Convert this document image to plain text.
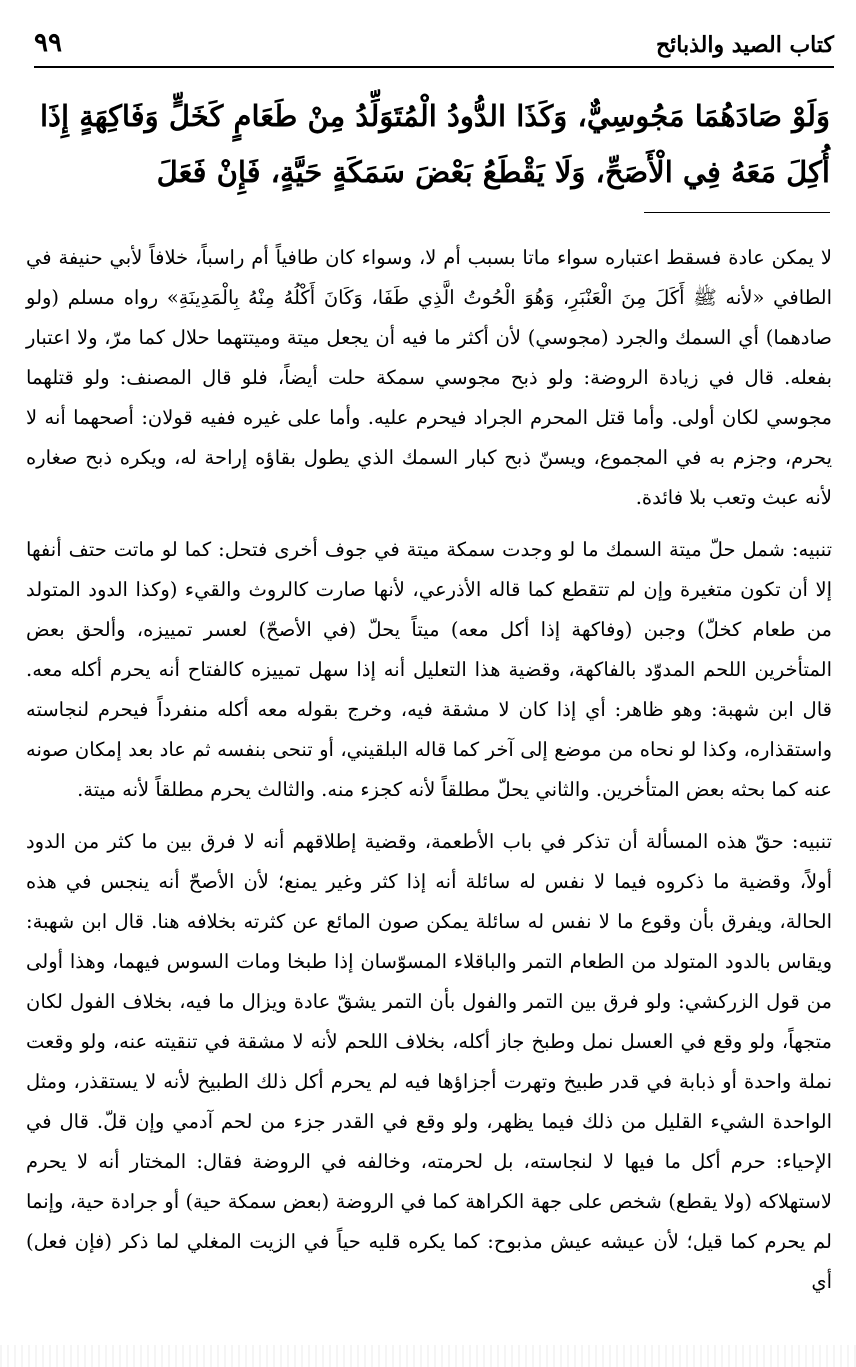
٩٩	كتاب الصيد والذبائح
وَلَوْ صَادَهُمَا مَجُوسِيٌّ، وَكَذَا الدُّودُ الْمُتَوَلِّدُ مِنْ طَعَامٍ كَخَلٍّ وَفَاكِهَةٍ إِذَا أُكِلَ مَعَهُ فِي الْأَصَحِّ، وَلَا يَقْطَعُ بَعْضَ سَمَكَةٍ حَيَّةٍ، فَإِنْ فَعَلَ

لا يمكن عادة فسقط اعتباره سواء ماتا بسبب أم لا، وسواء كان طافياً أم راسباً، خلافاً لأبي حنيفة في الطافي «لأنه ﷺ أَكَلَ مِنَ الْعَنْبَرِ، وَهُوَ الْحُوتُ الَّذِي طَفَا، وَكَانَ أَكْلُهُ مِنْهُ بِالْمَدِينَةِ» رواه مسلم (ولو صادهما) أي السمك والجرد (مجوسي) لأن أكثر ما فيه أن يجعل ميتة وميتتهما حلال كما مرّ، ولا اعتبار بفعله. قال في زيادة الروضة: ولو ذبح مجوسي سمكة حلت أيضاً، فلو قال المصنف: ولو قتلهما مجوسي لكان أولى. وأما قتل المحرم الجراد فيحرم عليه. وأما على غيره ففيه قولان: أصحهما أنه لا يحرم، وجزم به في المجموع، ويسنّ ذبح كبار السمك الذي يطول بقاؤه إراحة له، ويكره ذبح صغاره لأنه عبث وتعب بلا فائدة.

تنبيه: شمل حلّ ميتة السمك ما لو وجدت سمكة ميتة في جوف أخرى فتحل: كما لو ماتت حتف أنفها إلا أن تكون متغيرة وإن لم تتقطع كما قاله الأذرعي، لأنها صارت كالروث والقيء (وكذا الدود المتولد من طعام كخلّ) وجبن (وفاكهة إذا أكل معه) ميتاً يحلّ (في الأصحّ) لعسر تمييزه، وألحق بعض المتأخرين اللحم المدوّد بالفاكهة، وقضية هذا التعليل أنه إذا سهل تمييزه كالفتاح أنه يحرم أكله معه. قال ابن شهبة: وهو ظاهر: أي إذا كان لا مشقة فيه، وخرج بقوله معه أكله منفرداً فيحرم لنجاسته واستقذاره، وكذا لو نحاه من موضع إلى آخر كما قاله البلقيني، أو تنحى بنفسه ثم عاد بعد إمكان صونه عنه كما بحثه بعض المتأخرين. والثاني يحلّ مطلقاً لأنه كجزء منه. والثالث يحرم مطلقاً لأنه ميتة.

تنبيه: حقّ هذه المسألة أن تذكر في باب الأطعمة، وقضية إطلاقهم أنه لا فرق بين ما كثر من الدود أولاً، وقضية ما ذكروه فيما لا نفس له سائلة أنه إذا كثر وغير يمنع؛ لأن الأصحّ أنه ينجس في هذه الحالة، ويفرق بأن وقوع ما لا نفس له سائلة يمكن صون المائع عن كثرته بخلافه هنا. قال ابن شهبة: ويقاس بالدود المتولد من الطعام التمر والباقلاء المسوّسان إذا طبخا ومات السوس فيهما، وهذا أولى من قول الزركشي: ولو فرق بين التمر والفول بأن التمر يشقّ عادة ويزال ما فيه، بخلاف الفول لكان متجهاً، ولو وقع في العسل نمل وطبخ جاز أكله، بخلاف اللحم لأنه لا مشقة في تنقيته عنه، ولو وقعت نملة واحدة أو ذبابة في قدر طبيخ وتهرت أجزاؤها فيه لم يحرم أكل ذلك الطبيخ لأنه لا يستقذر، ومثل الواحدة الشيء القليل من ذلك فيما يظهر، ولو وقع في القدر جزء من لحم آدمي وإن قلّ. قال في الإحياء: حرم أكل ما فيها لا لنجاسته، بل لحرمته، وخالفه في الروضة فقال: المختار أنه لا يحرم لاستهلاكه (ولا يقطع) شخص على جهة الكراهة كما في الروضة (بعض سمكة حية) أو جرادة حية، وإنما لم يحرم كما قيل؛ لأن عيشه عيش مذبوح: كما يكره قليه حياً في الزيت المغلي لما ذكر (فإن فعل) أي
